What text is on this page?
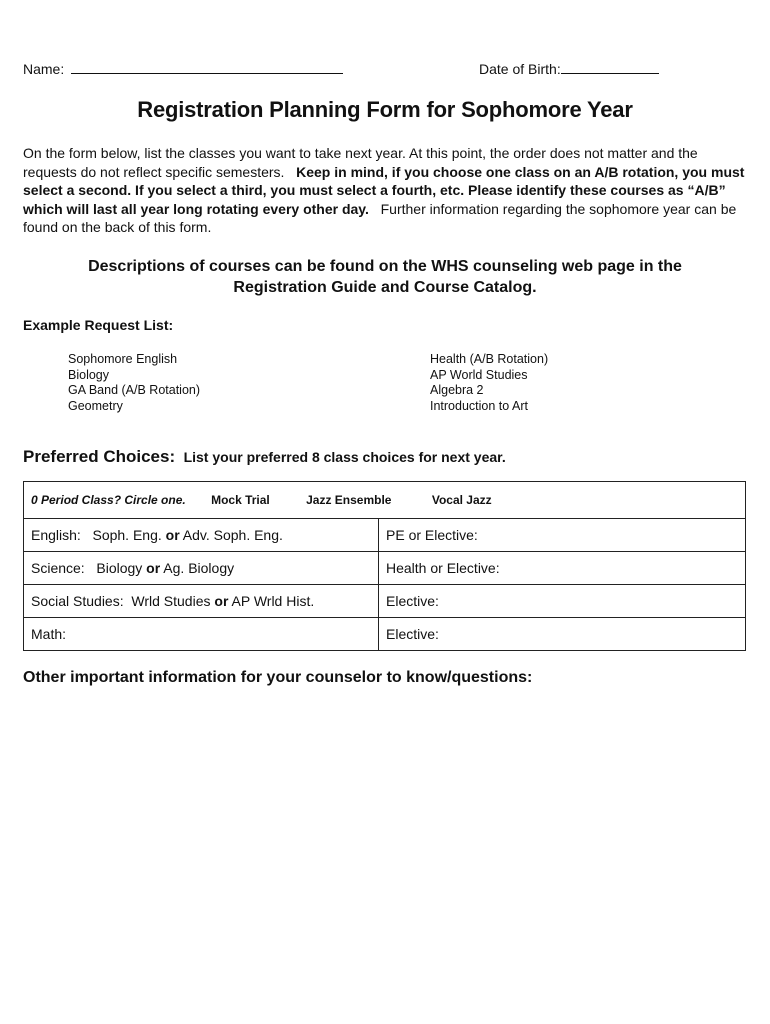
Name:	Date of Birth:
Registration Planning Form for Sophomore Year
On the form below, list the classes you want to take next year. At this point, the order does not matter and the requests do not reflect specific semesters. Keep in mind, if you choose one class on an A/B rotation, you must select a second. If you select a third, you must select a fourth, etc. Please identify these courses as “A/B” which will last all year long rotating every other day. Further information regarding the sophomore year can be found on the back of this form.
Descriptions of courses can be found on the WHS counseling web page in the Registration Guide and Course Catalog.
Example Request List:
Sophomore English
Biology
GA Band (A/B Rotation)
Geometry
Health (A/B Rotation)
AP World Studies
Algebra 2
Introduction to Art
Preferred Choices: List your preferred 8 class choices for next year.
0 Period Class? Circle one. Mock Trial Jazz Ensemble Vocal Jazz	
English:   Soph. Eng. or Adv. Soph. Eng.	PE or Elective:
Science:   Biology or Ag. Biology	Health or Elective:
Social Studies:  Wrld Studies or AP Wrld Hist.	Elective:
Math:	Elective:
Other important information for your counselor to know/questions:
